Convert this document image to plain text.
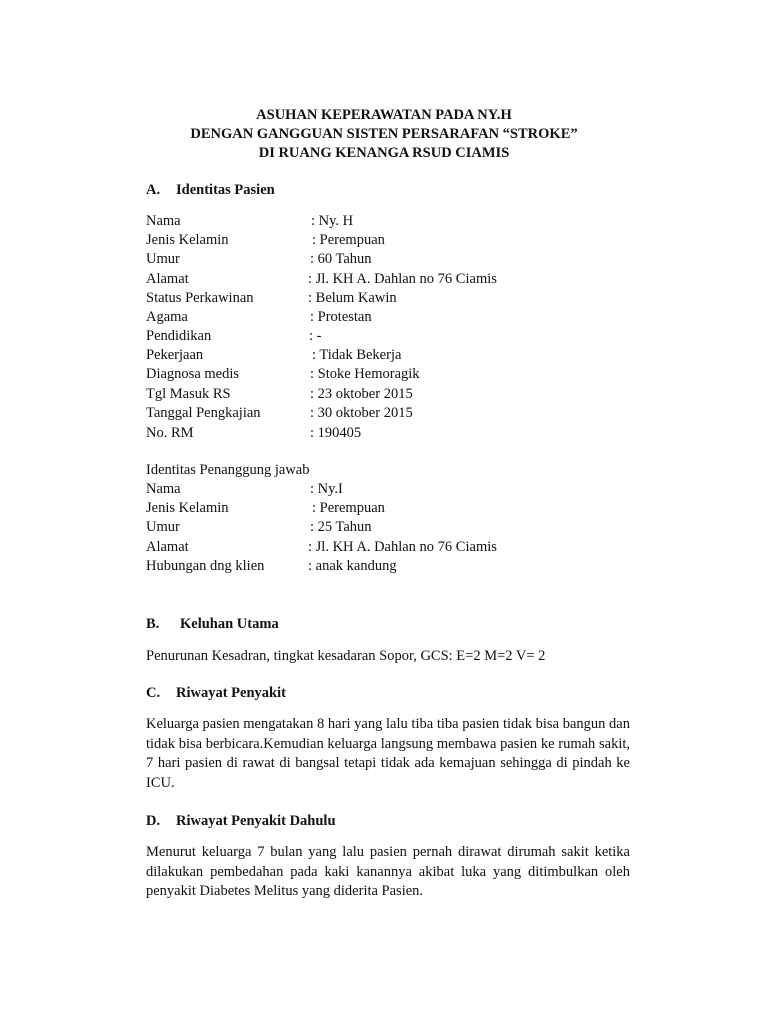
ASUHAN KEPERAWATAN PADA NY.H
DENGAN GANGGUAN SISTEN PERSARAFAN “STROKE”
DI RUANG KENANGA RSUD CIAMIS
A. Identitas Pasien
Nama	: Ny. H
Jenis Kelamin	: Perempuan
Umur	: 60 Tahun
Alamat	: Jl. KH A. Dahlan no 76 Ciamis
Status Perkawinan	: Belum Kawin
Agama	: Protestan
Pendidikan	: -
Pekerjaan	: Tidak Bekerja
Diagnosa medis	: Stoke Hemoragik
Tgl Masuk RS	: 23 oktober 2015
Tanggal Pengkajian	: 30 oktober 2015
No. RM	: 190405
Identitas Penanggung jawab
Nama	: Ny.I
Jenis Kelamin	: Perempuan
Umur	: 25 Tahun
Alamat	: Jl. KH A. Dahlan no 76 Ciamis
Hubungan dng klien	: anak kandung
B. Keluhan Utama
Penurunan Kesadran, tingkat kesadaran Sopor, GCS: E=2 M=2 V= 2
C. Riwayat Penyakit
Keluarga pasien mengatakan 8 hari yang lalu tiba tiba pasien tidak bisa bangun dan tidak bisa berbicara.Kemudian keluarga langsung membawa pasien ke rumah sakit, 7 hari pasien di rawat di bangsal tetapi tidak ada kemajuan sehingga di pindah ke ICU.
D. Riwayat Penyakit Dahulu
Menurut keluarga 7 bulan yang lalu pasien pernah dirawat dirumah sakit ketika dilakukan pembedahan pada kaki kanannya akibat luka yang ditimbulkan oleh penyakit Diabetes Melitus yang diderita Pasien.
